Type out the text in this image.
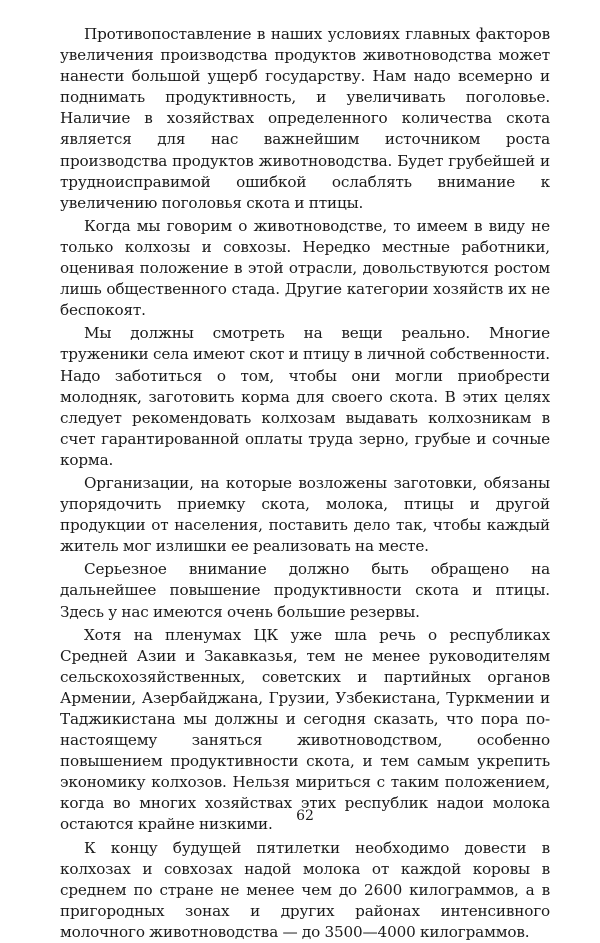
Противопоставление в наших условиях главных факторов увеличения производства продуктов животноводства может нанести большой ущерб государству. Нам надо всемерно и поднимать продуктивность, и увеличивать поголовье. Наличие в хозяйствах определенного количества скота является для нас важнейшим источником роста производства продуктов животноводства. Будет грубейшей и трудноисправимой ошибкой ослаблять внимание к увеличению поголовья скота и птицы.

Когда мы говорим о животноводстве, то имеем в виду не только колхозы и совхозы. Нередко местные работники, оценивая положение в этой отрасли, довольствуются ростом лишь общественного стада. Другие категории хозяйств их не беспокоят.

Мы должны смотреть на вещи реально. Многие труженики села имеют скот и птицу в личной собственности. Надо заботиться о том, чтобы они могли приобрести молодняк, заготовить корма для своего скота. В этих целях следует рекомендовать колхозам выдавать колхозникам в счет гарантированной оплаты труда зерно, грубые и сочные корма.

Организации, на которые возложены заготовки, обязаны упорядочить приемку скота, молока, птицы и другой продукции от населения, поставить дело так, чтобы каждый житель мог излишки ее реализовать на месте.

Серьезное внимание должно быть обращено на дальнейшее повышение продуктивности скота и птицы. Здесь у нас имеются очень большие резервы.

Хотя на пленумах ЦК уже шла речь о республиках Средней Азии и Закавказья, тем не менее руководителям сельскохозяйственных, советских и партийных органов Армении, Азербайджана, Грузии, Узбекистана, Туркмении и Таджикистана мы должны и сегодня сказать, что пора по-настоящему заняться животноводством, особенно повышением продуктивности скота, и тем самым укрепить экономику колхозов. Нельзя мириться с таким положением, когда во многих хозяйствах этих республик надои молока остаются крайне низкими.

К концу будущей пятилетки необходимо довести в колхозах и совхозах надой молока от каждой коровы в среднем по стране не менее чем до 2600 килограммов, а в пригородных зонах и других районах интенсивного молочного животноводства — до 3500—4000 килограммов.

62
